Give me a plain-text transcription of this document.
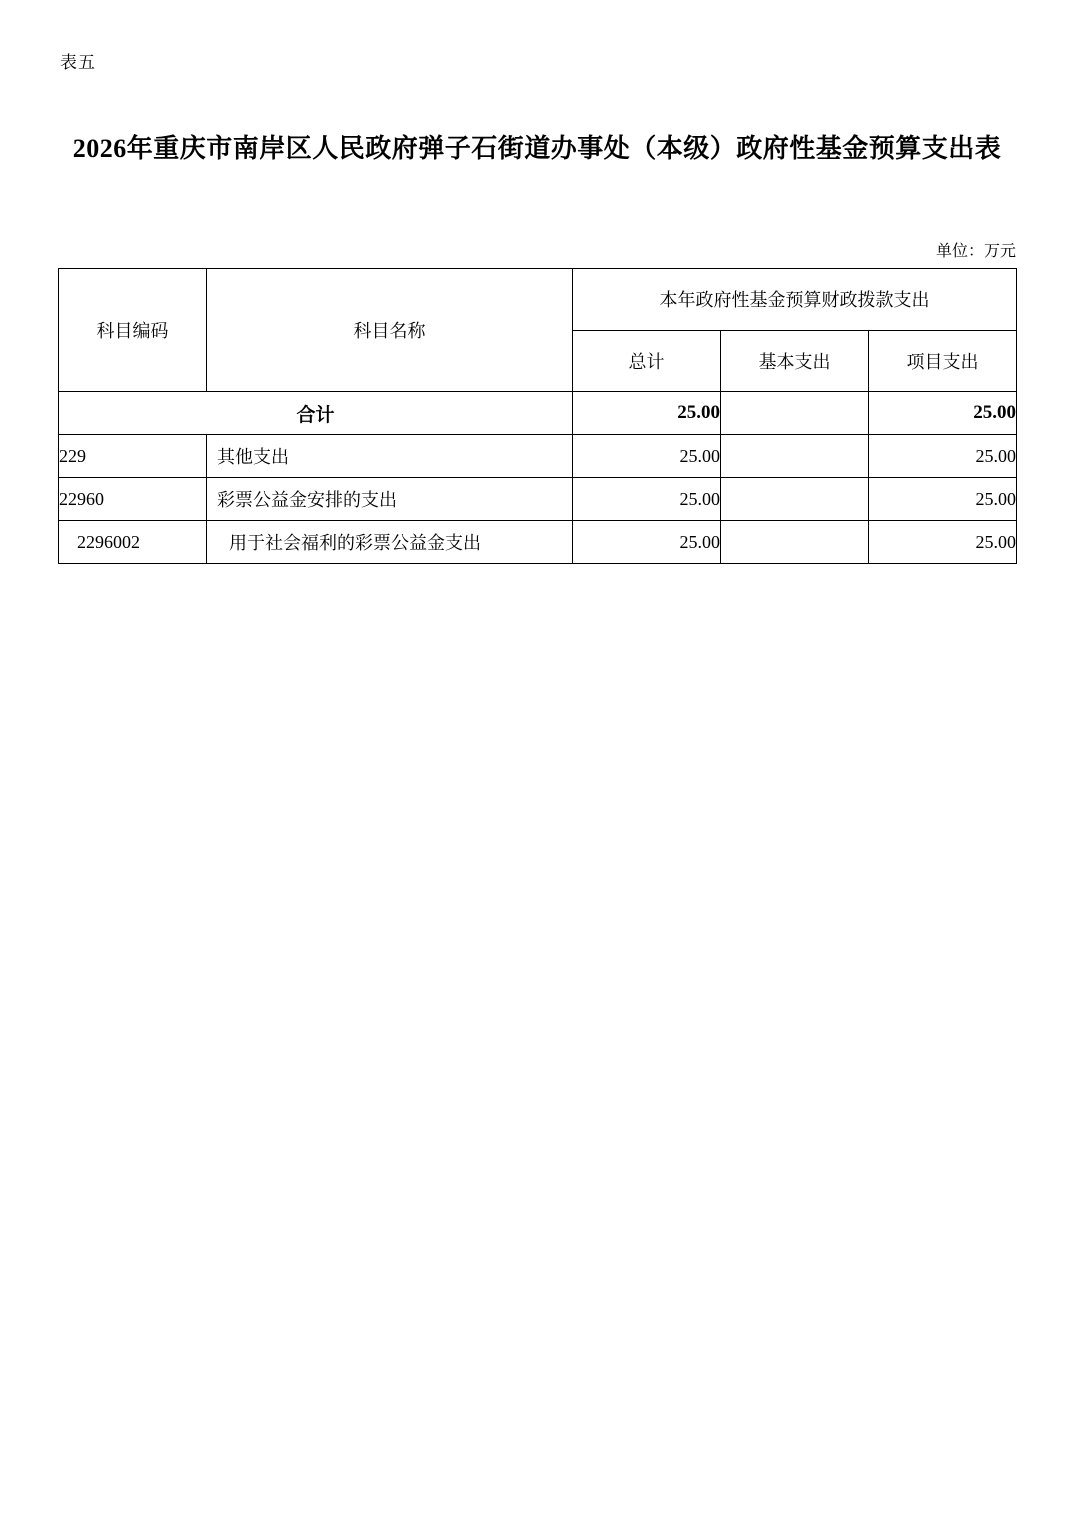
表五
2026年重庆市南岸区人民政府弹子石街道办事处（本级）政府性基金预算支出表
单位：万元
科目编码	科目名称	本年政府性基金预算财政拨款支出		
		总计	基本支出	项目支出
合计		25.00		25.00
229	其他支出	25.00		25.00
22960	彩票公益金安排的支出	25.00		25.00
2296002	用于社会福利的彩票公益金支出	25.00		25.00
